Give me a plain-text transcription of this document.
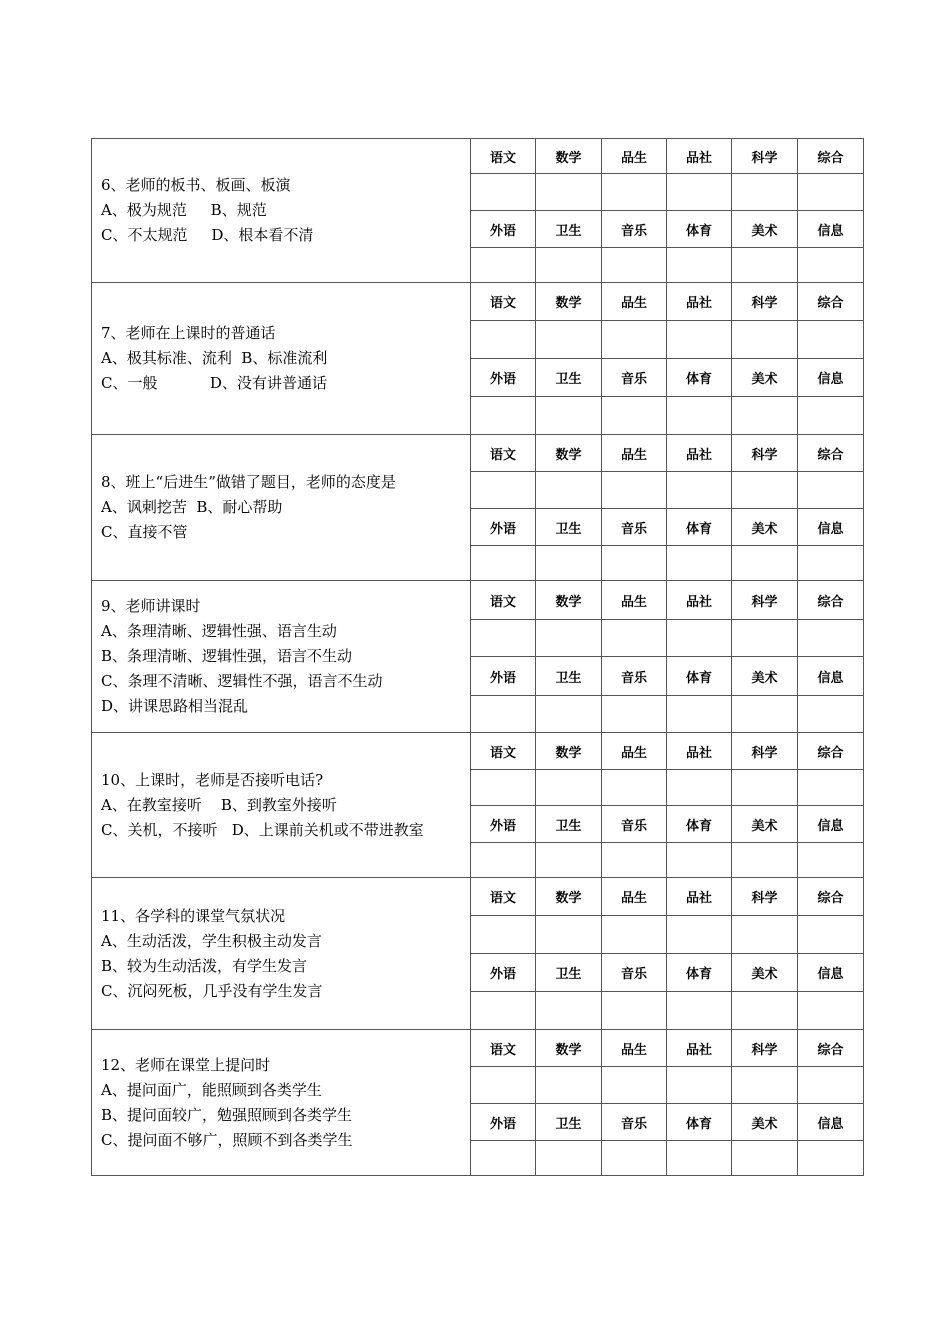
6、老师的板书、板画、板演
A、极为规范     B、规范
C、不太规范     D、根本看不清	语文	数学	品生	品社	科学	综合

	外语	卫生	音乐	体育	美术	信息

7、老师在上课时的普通话
A、极其标准、流利  B、标准流利
C、一般           D、没有讲普通话	语文	数学	品生	品社	科学	综合

	外语	卫生	音乐	体育	美术	信息

8、班上“后进生”做错了题目，老师的态度是
A、讽刺挖苦  B、耐心帮助
C、直接不管	语文	数学	品生	品社	科学	综合

	外语	卫生	音乐	体育	美术	信息

9、老师讲课时
A、条理清晰、逻辑性强、语言生动
B、条理清晰、逻辑性强，语言不生动
C、条理不清晰、逻辑性不强，语言不生动
D、讲课思路相当混乱	语文	数学	品生	品社	科学	综合

	外语	卫生	音乐	体育	美术	信息

10、上课时，老师是否接听电话?
A、在教室接听    B、到教室外接听
C、关机，不接听   D、上课前关机或不带进教室	语文	数学	品生	品社	科学	综合

	外语	卫生	音乐	体育	美术	信息

11、各学科的课堂气氛状况
A、生动活泼，学生积极主动发言
B、较为生动活泼，有学生发言
C、沉闷死板，几乎没有学生发言	语文	数学	品生	品社	科学	综合

	外语	卫生	音乐	体育	美术	信息

12、老师在课堂上提问时
A、提问面广，能照顾到各类学生
B、提问面较广，勉强照顾到各类学生
C、提问面不够广，照顾不到各类学生	语文	数学	品生	品社	科学	综合

	外语	卫生	音乐	体育	美术	信息
